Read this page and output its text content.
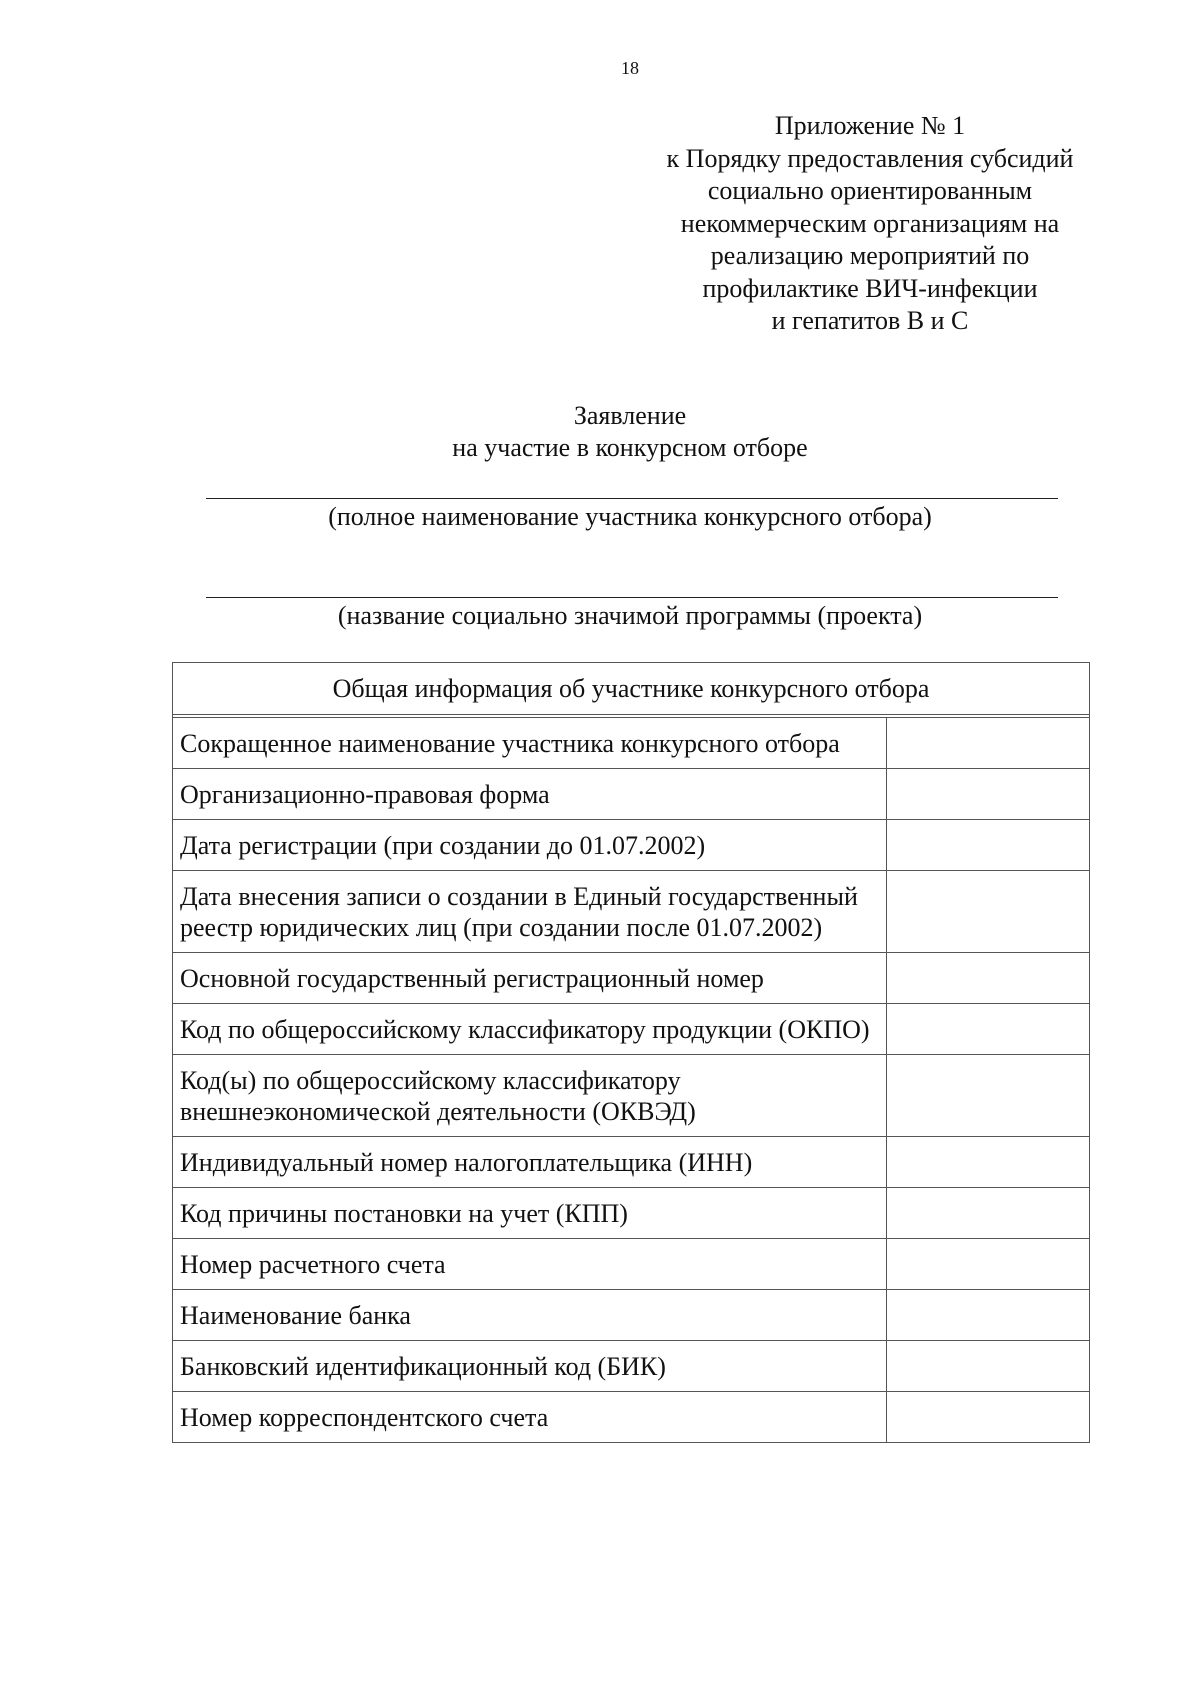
18
Приложение № 1
к Порядку предоставления субсидий
социально ориентированным
некоммерческим организациям на
реализацию мероприятий по
профилактике ВИЧ-инфекции
и гепатитов В и С
Заявление
на участие в конкурсном отборе
(полное наименование участника конкурсного отбора)
(название социально значимой программы (проекта)
Общая информация об участнике конкурсного отбора	

Сокращенное наименование участника конкурсного отбора	
Организационно-правовая форма	
Дата регистрации (при создании до 01.07.2002)	
Дата внесения записи о создании в Единый государственный реестр юридических лиц (при создании после 01.07.2002)	
Основной государственный регистрационный номер	
Код по общероссийскому классификатору продукции (ОКПО)	
Код(ы) по общероссийскому классификатору внешнеэкономической деятельности (ОКВЭД)	
Индивидуальный номер налогоплательщика (ИНН)	
Код причины постановки на учет (КПП)	
Номер расчетного счета	
Наименование банка	
Банковский идентификационный код (БИК)	
Номер корреспондентского счета	
